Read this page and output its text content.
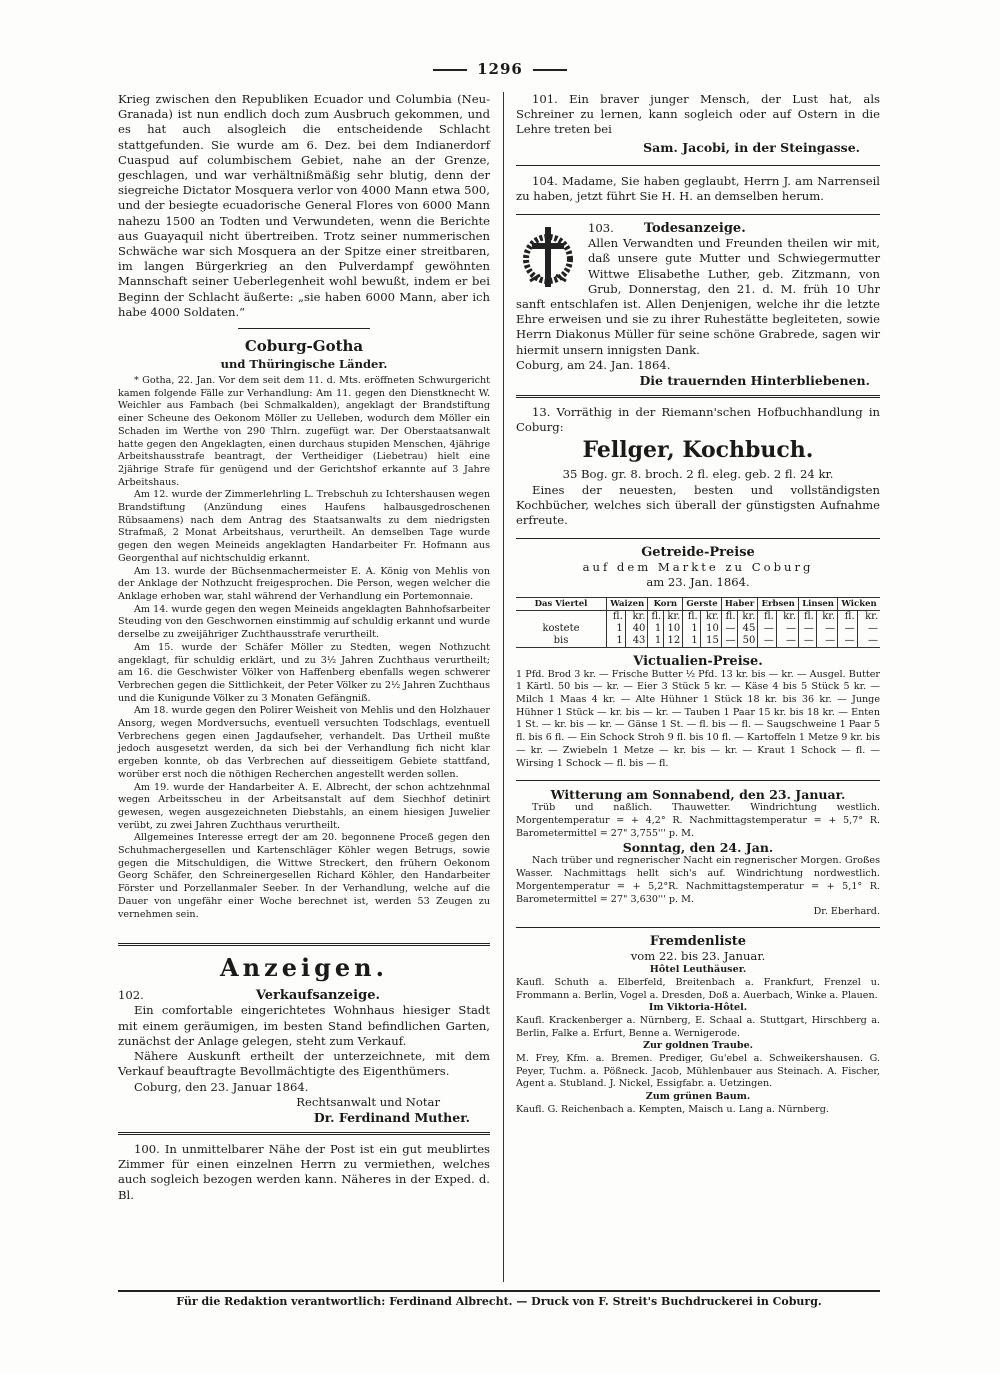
1296

Krieg zwischen den Republiken Ecuador und Columbia (Neu-Granada) ist nun endlich doch zum Ausbruch gekommen, und es hat auch alsogleich die entscheidende Schlacht stattgefunden. Sie wurde am 6. Dez. bei dem Indianerdorf Cuaspud auf columbischem Gebiet, nahe an der Grenze, geschlagen, und war verhältnißmäßig sehr blutig, denn der siegreiche Dictator Mosquera verlor von 4000 Mann etwa 500, und der besiegte ecuadorische General Flores von 6000 Mann nahezu 1500 an Todten und Verwundeten, wenn die Berichte aus Guayaquil nicht übertreiben. Trotz seiner nummerischen Schwäche war sich Mosquera an der Spitze einer streitbaren, im langen Bürgerkrieg an den Pulverdampf gewöhnten Mannschaft seiner Ueberlegenheit wohl bewußt, indem er bei Beginn der Schlacht äußerte: „sie haben 6000 Mann, aber ich habe 4000 Soldaten.“

Coburg-Gotha

und Thüringische Länder.

* Gotha, 22. Jan. Vor dem seit dem 11. d. Mts. eröffneten Schwurgericht kamen folgende Fälle zur Verhandlung: Am 11. gegen den Dienstknecht W. Weichler aus Fambach (bei Schmalkalden), angeklagt der Brandstiftung einer Scheune des Oekonom Möller zu Uelleben, wodurch dem Möller ein Schaden im Werthe von 290 Thlrn. zugefügt war. Der Oberstaatsanwalt hatte gegen den Angeklagten, einen durchaus stupiden Menschen, 4jährige Arbeitshausstrafe beantragt, der Vertheidiger (Liebetrau) hielt eine 2jährige Strafe für genügend und der Gerichtshof erkannte auf 3 Jahre Arbeitshaus.

Am 12. wurde der Zimmerlehrling L. Trebschuh zu Ichtershausen wegen Brandstiftung (Anzündung eines Haufens halbausgedroschenen Rübsaamens) nach dem Antrag des Staatsanwalts zu dem niedrigsten Strafmaß, 2 Monat Arbeitshaus, verurtheilt. An demselben Tage wurde gegen den wegen Meineids angeklagten Handarbeiter Fr. Hofmann aus Georgenthal auf nichtschuldig erkannt.

Am 13. wurde der Büchsenmachermeister E. A. König von Mehlis von der Anklage der Nothzucht freigesprochen. Die Person, wegen welcher die Anklage erhoben war, stahl während der Verhandlung ein Portemonnaie.

Am 14. wurde gegen den wegen Meineids angeklagten Bahnhofsarbeiter Steuding von den Geschwornen einstimmig auf schuldig erkannt und wurde derselbe zu zweijähriger Zuchthausstrafe verurtheilt.

Am 15. wurde der Schäfer Möller zu Stedten, wegen Nothzucht angeklagt, für schuldig erklärt, und zu 3½ Jahren Zuchthaus verurtheilt; am 16. die Geschwister Völker von Haffenberg ebenfalls wegen schwerer Verbrechen gegen die Sittlichkeit, der Peter Völker zu 2½ Jahren Zuchthaus und die Kunigunde Völker zu 3 Monaten Gefängniß.

Am 18. wurde gegen den Polirer Weisheit von Mehlis und den Holzhauer Ansorg, wegen Mordversuchs, eventuell versuchten Todschlags, eventuell Verbrechens gegen einen Jagdaufseher, verhandelt. Das Urtheil mußte jedoch ausgesetzt werden, da sich bei der Verhandlung fich nicht klar ergeben konnte, ob das Verbrechen auf diesseitigem Gebiete stattfand, worüber erst noch die nöthigen Recherchen angestellt werden sollen.

Am 19. wurde der Handarbeiter A. E. Albrecht, der schon achtzehnmal wegen Arbeitsscheu in der Arbeitsanstalt auf dem Siechhof detinirt gewesen, wegen ausgezeichneten Diebstahls, an einem hiesigen Juwelier verübt, zu zwei Jahren Zuchthaus verurtheilt.

Allgemeines Interesse erregt der am 20. begonnene Proceß gegen den Schuhmachergesellen und Kartenschläger Köhler wegen Betrugs, sowie gegen die Mitschuldigen, die Wittwe Streckert, den frühern Oekonom Georg Schäfer, den Schreinergesellen Richard Köhler, den Handarbeiter Förster und Porzellanmaler Seeber. In der Verhandlung, welche auf die Dauer von ungefähr einer Woche berechnet ist, werden 53 Zeugen zu vernehmen sein.

Anzeigen.
102.	Verkaufsanzeige.

Ein comfortable eingerichtetes Wohnhaus hiesiger Stadt mit einem geräumigen, im besten Stand befindlichen Garten, zunächst der Anlage gelegen, steht zum Verkauf.

Nähere Auskunft ertheilt der unterzeichnete, mit dem Verkauf beauftragte Bevollmächtigte des Eigenthümers.

Coburg, den 23. Januar 1864.

Rechtsanwalt und Notar

Dr. Ferdinand Muther.

100. In unmittelbarer Nähe der Post ist ein gut meublirtes Zimmer für einen einzelnen Herrn zu vermiethen, welches auch sogleich bezogen werden kann. Näheres in der Exped. d. Bl.

101. Ein braver junger Mensch, der Lust hat, als Schreiner zu lernen, kann sogleich oder auf Ostern in die Lehre treten bei

Sam. Jacobi, in der Steingasse.

104. Madame, Sie haben geglaubt, Herrn J. am Narrenseil zu haben, jetzt führt Sie H. H. an demselben herum.

103. Todesanzeige.

Allen Verwandten und Freunden theilen wir mit, daß unsere gute Mutter und Schwiegermutter Wittwe Elisabethe Luther, geb. Zitzmann, von Grub, Donnerstag, den 21. d. M. früh 10 Uhr sanft entschlafen ist. Allen Denjenigen, welche ihr die letzte Ehre erweisen und sie zu ihrer Ruhestätte begleiteten, sowie Herrn Diakonus Müller für seine schöne Grabrede, sagen wir hiermit unsern innigsten Dank.

Coburg, am 24. Jan. 1864.

Die trauernden Hinterbliebenen.

13. Vorräthig in der Riemann'schen Hofbuchhandlung in Coburg:

Fellger, Kochbuch.

35 Bog. gr. 8. broch. 2 fl. eleg. geb. 2 fl. 24 kr.

Eines der neuesten, besten und vollständigsten Kochbücher, welches sich überall der günstigsten Aufnahme erfreute.

Getreide-Preise

auf dem Markte zu Coburg

am 23. Jan. 1864.

Das Viertel	Waizen		Korn		Gerste		Haber		Erbsen		Linsen		Wicken	
	fl.	kr.	fl.	kr.	fl.	kr.	fl.	kr.	fl.	kr.	fl.	kr.	fl.	kr.
kostete	1	40	1	10	1	10	—	45	—	—	—	—	—	—
bis	1	43	1	12	1	15	—	50	—	—	—	—	—	—

Victualien-Preise.

1 Pfd. Brod 3 kr. — Frische Butter ½ Pfd. 13 kr. bis — kr. — Ausgel. Butter 1 Kärtl. 50 bis — kr. — Eier 3 Stück 5 kr. — Käse 4 bis 5 Stück 5 kr. — Milch 1 Maas 4 kr. — Alte Hühner 1 Stück 18 kr. bis 36 kr. — Junge Hühner 1 Stück — kr. bis — kr. — Tauben 1 Paar 15 kr. bis 18 kr. — Enten 1 St. — kr. bis — kr. — Gänse 1 St. — fl. bis — fl. — Saugschweine 1 Paar 5 fl. bis 6 fl. — Ein Schock Stroh 9 fl. bis 10 fl. — Kartoffeln 1 Metze 9 kr. bis — kr. — Zwiebeln 1 Metze — kr. bis — kr. — Kraut 1 Schock — fl. — Wirsing 1 Schock — fl. bis — fl.

Witterung am Sonnabend, den 23. Januar.

Trüb und naßlich. Thauwetter. Windrichtung westlich. Morgentemperatur = + 4,2° R. Nachmittagstemperatur = + 5,7° R. Barometermittel = 27" 3,755''' p. M.

Sonntag, den 24. Jan.

Nach trüber und regnerischer Nacht ein regnerischer Morgen. Großes Wasser. Nachmittags hellt sich's auf. Windrichtung nordwestlich. Morgentemperatur = + 5,2°R. Nachmittagstemperatur = + 5,1° R. Barometermittel = 27" 3,630''' p. M.

Dr. Eberhard.

Fremdenliste

vom 22. bis 23. Januar.

Hôtel Leuthäuser.

Kaufl. Schuth a. Elberfeld, Breitenbach a. Frankfurt, Frenzel u. Frommann a. Berlin, Vogel a. Dresden, Doß a. Auerbach, Winke a. Plauen.

Im Viktoria-Hôtel.

Kaufl. Krackenberger a. Nürnberg, E. Schaal a. Stuttgart, Hirschberg a. Berlin, Falke a. Erfurt, Benne a. Wernigerode.

Zur goldnen Traube.

M. Frey, Kfm. a. Bremen. Prediger, Gu'ebel a. Schweikershausen. G. Peyer, Tuchm. a. Pößneck. Jacob, Mühlenbauer aus Steinach. A. Fischer, Agent a. Stubland. J. Nickel, Essigfabr. a. Uetzingen.

Zum grünen Baum.

Kaufl. G. Reichenbach a. Kempten, Maisch u. Lang a. Nürnberg.

Für die Redaktion verantwortlich: Ferdinand Albrecht. — Druck von F. Streit's Buchdruckerei in Coburg.
